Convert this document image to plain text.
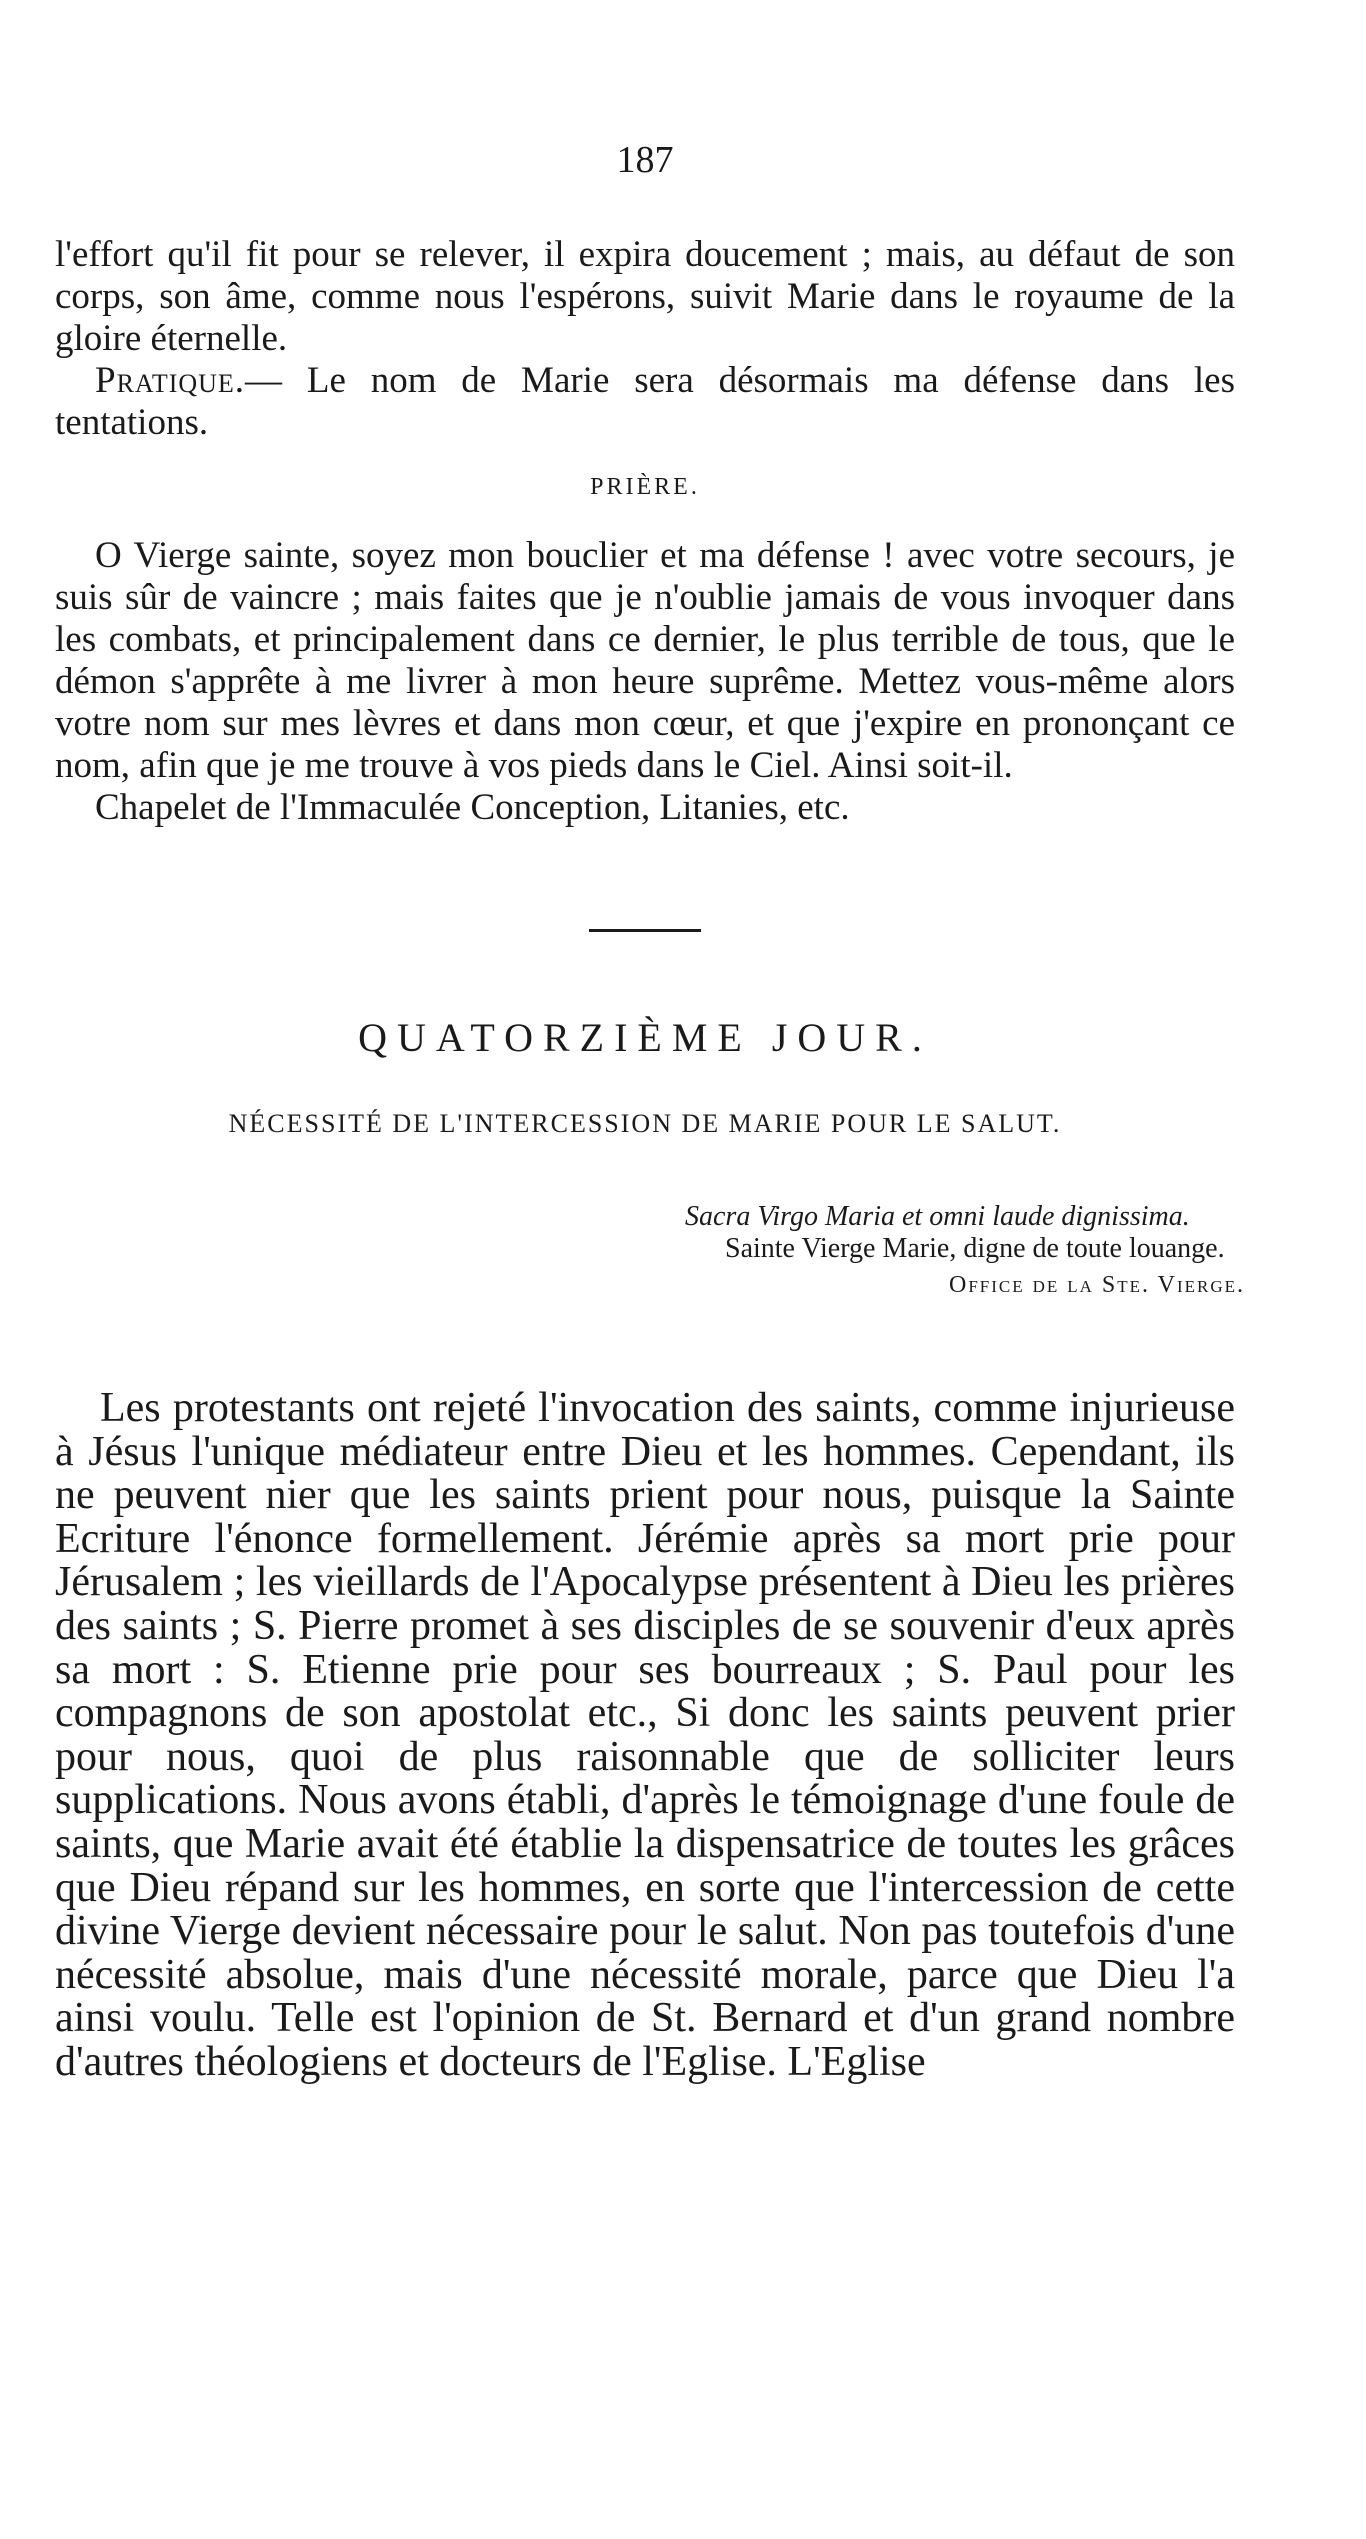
187

l'effort qu'il fit pour se relever, il expira doucement ; mais, au défaut de son corps, son âme, comme nous l'espérons, suivit Marie dans le royaume de la gloire éternelle.

Pratique.— Le nom de Marie sera désormais ma défense dans les tentations.

PRIÈRE.

O Vierge sainte, soyez mon bouclier et ma défense ! avec votre secours, je suis sûr de vaincre ; mais faites que je n'oublie jamais de vous invoquer dans les combats, et principalement dans ce dernier, le plus terrible de tous, que le démon s'apprête à me livrer à mon heure suprême. Mettez vous-même alors votre nom sur mes lèvres et dans mon cœur, et que j'expire en prononçant ce nom, afin que je me trouve à vos pieds dans le Ciel. Ainsi soit-il.

Chapelet de l'Immaculée Conception, Litanies, etc.

QUATORZIÈME JOUR.
NÉCESSITÉ DE L'INTERCESSION DE MARIE POUR LE SALUT.

Sacra Virgo Maria et omni laude dignissima.

Sainte Vierge Marie, digne de toute louange.

Office de la Ste. Vierge.

Les protestants ont rejeté l'invocation des saints, comme injurieuse à Jésus l'unique médiateur entre Dieu et les hommes. Cependant, ils ne peuvent nier que les saints prient pour nous, puisque la Sainte Ecriture l'énonce formellement. Jérémie après sa mort prie pour Jérusalem ; les vieillards de l'Apocalypse présentent à Dieu les prières des saints ; S. Pierre promet à ses disciples de se souvenir d'eux après sa mort : S. Etienne prie pour ses bourreaux ; S. Paul pour les compagnons de son apostolat etc., Si donc les saints peuvent prier pour nous, quoi de plus raisonnable que de solliciter leurs supplications. Nous avons établi, d'après le témoignage d'une foule de saints, que Marie avait été établie la dispensatrice de toutes les grâces que Dieu répand sur les hommes, en sorte que l'intercession de cette divine Vierge devient nécessaire pour le salut. Non pas toutefois d'une nécessité absolue, mais d'une nécessité morale, parce que Dieu l'a ainsi voulu. Telle est l'opinion de St. Bernard et d'un grand nombre d'autres théologiens et docteurs de l'Eglise. L'Eglise
